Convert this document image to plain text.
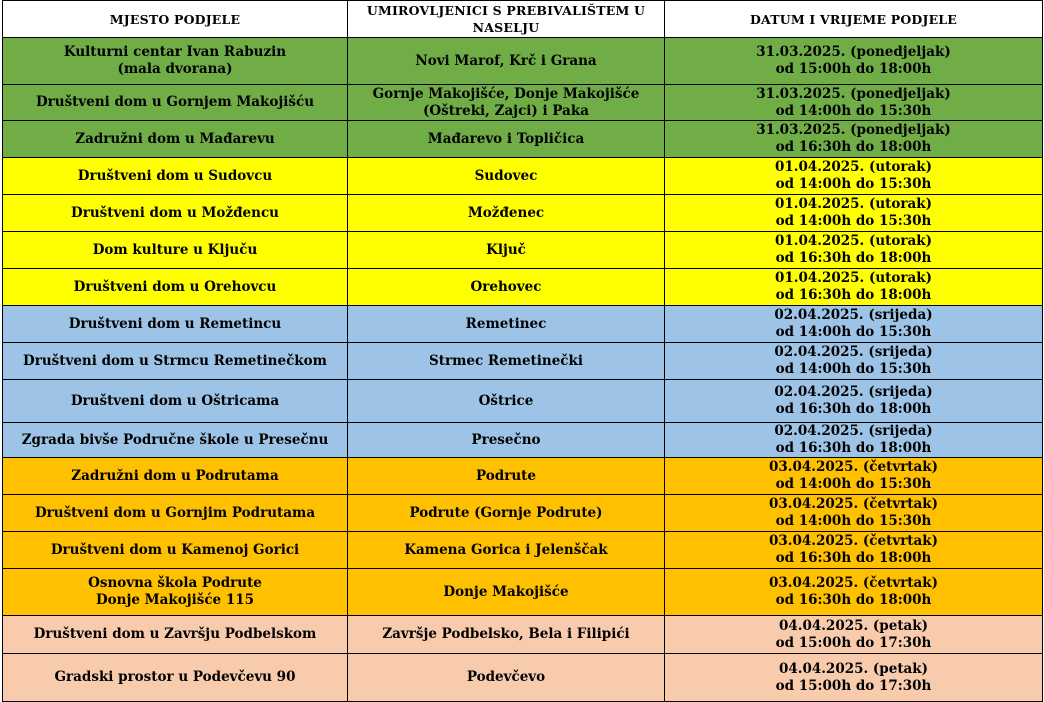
MJESTO PODJELE	UMIROVLJENICI S PREBIVALIŠTEM U NASELJU	DATUM I VRIJEME PODJELE

Kulturni centar Ivan Rabuzin
(mala dvorana)	Novi Marof, Krč i Grana	31.03.2025. (ponedjeljak)
od 15:00h do 18:00h

Društveni dom u Gornjem Makojišću	Gornje Makojišće, Donje Makojišće
(Oštreki, Zajci) i Paka	31.03.2025. (ponedjeljak)
od 14:00h do 15:30h

Zadružni dom u Mađarevu	Mađarevo i Topličica	31.03.2025. (ponedjeljak)
od 16:30h do 18:00h

Društveni dom u Sudovcu	Sudovec	01.04.2025. (utorak)
od 14:00h do 15:30h

Društveni dom u Možđencu	Možđenec	01.04.2025. (utorak)
od 14:00h do 15:30h

Dom kulture u Ključu	Ključ	01.04.2025. (utorak)
od 16:30h do 18:00h

Društveni dom u Orehovcu	Orehovec	01.04.2025. (utorak)
od 16:30h do 18:00h

Društveni dom u Remetincu	Remetinec	02.04.2025. (srijeda)
od 14:00h do 15:30h

Društveni dom u Strmcu Remetinečkom	Strmec Remetinečki	02.04.2025. (srijeda)
od 14:00h do 15:30h

Društveni dom u Oštricama	Oštrice	02.04.2025. (srijeda)
od 16:30h do 18:00h

Zgrada bivše Područne škole u Presečnu	Presečno	02.04.2025. (srijeda)
od 16:30h do 18:00h

Zadružni dom u Podrutama	Podrute	03.04.2025. (četvrtak)
od 14:00h do 15:30h

Društveni dom u Gornjim Podrutama	Podrute (Gornje Podrute)	03.04.2025. (četvrtak)
od 14:00h do 15:30h

Društveni dom u Kamenoj Gorici	Kamena Gorica i Jelenščak	03.04.2025. (četvrtak)
od 16:30h do 18:00h

Osnovna škola Podrute
Donje Makojišće 115	Donje Makojišće	03.04.2025. (četvrtak)
od 16:30h do 18:00h

Društveni dom u Završju Podbelskom	Završje Podbelsko, Bela i Filipići	04.04.2025. (petak)
od 15:00h do 17:30h

Gradski prostor u Podevčevu 90	Podevčevo	04.04.2025. (petak)
od 15:00h do 17:30h
